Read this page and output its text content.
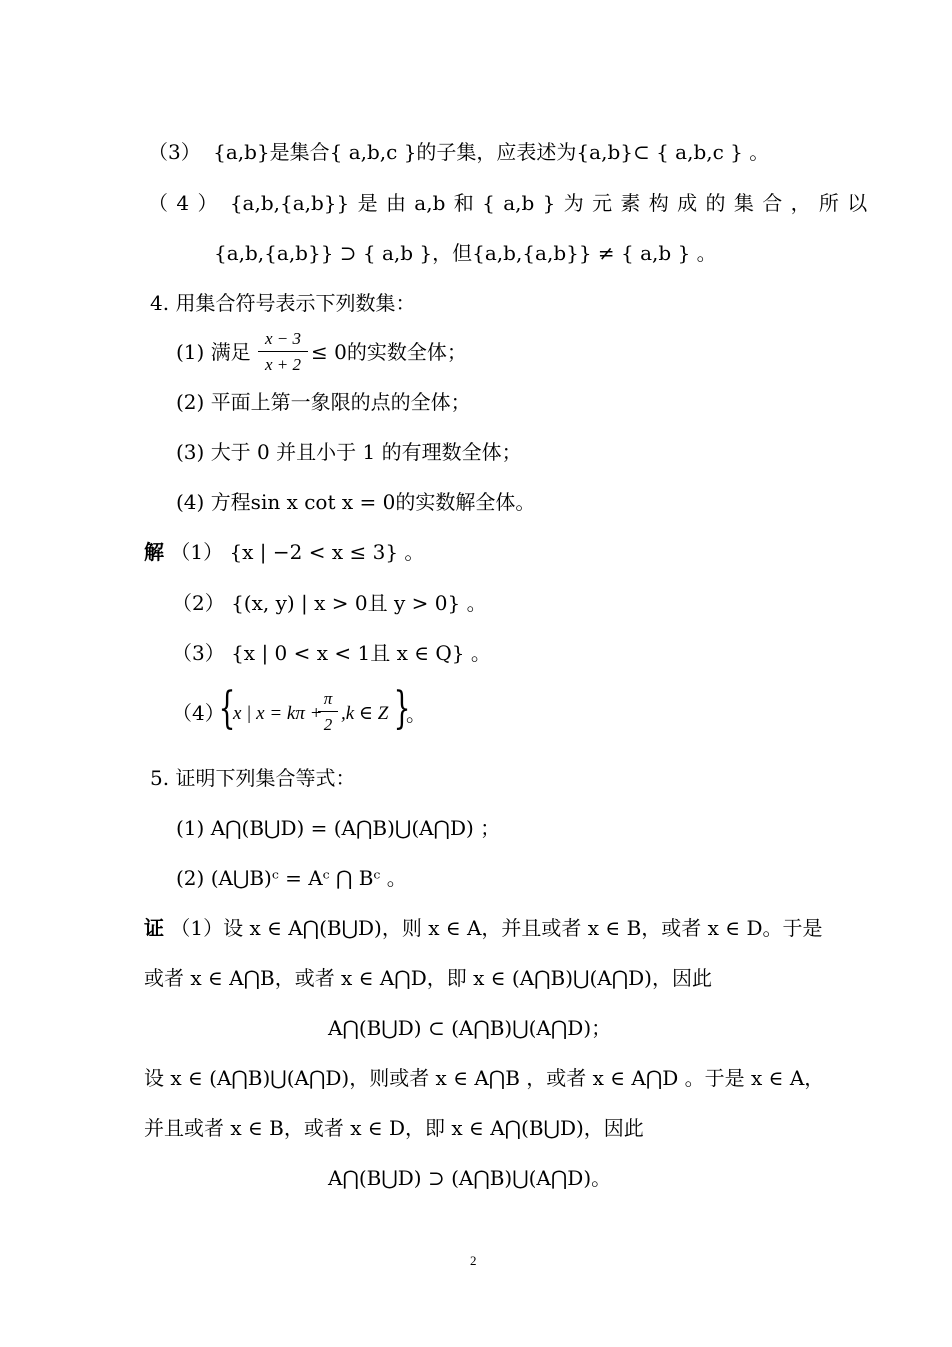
（3） {a,b}是集合{ a,b,c }的子集，应表述为{a,b}⊂ { a,b,c } 。
（ 4 ） {a,b,{a,b}} 是 由 a,b 和 { a,b } 为 元 素 构 成 的 集 合 ， 所 以
{a,b,{a,b}} ⊃ { a,b }，但{a,b,{a,b}} ≠ { a,b } 。
4. 用集合符号表示下列数集：
(1) 满足 $\frac{x - 3}{x + 2} \le 0$的实数全体；
(2) 平面上第一象限的点的全体；
(3) 大于 0 并且小于 1 的有理数全体；
(4) 方程sin x cot x = 0的实数解全体。
解 （1） {x | −2 < x ≤ 3} 。
（2） {(x, y) | x > 0且 y > 0} 。
（3） {x | 0 < x < 1且 x ∈ Q} 。
（4）
{
x | x = kπ +
$\frac{\pi}{2} ,k$ ∈ Z }
。
5. 证明下列集合等式：
(1) A⋂(B⋃D) = (A⋂B)⋃(A⋂D) ；
(2) (A⋃B)ᶜ = Aᶜ ⋂ Bᶜ 。
证 （1）设 x ∈ A⋂(B⋃D)，则 x ∈ A，并且或者 x ∈ B，或者 x ∈ D。于是
或者 x ∈ A⋂B，或者 x ∈ A⋂D，即 x ∈ (A⋂B)⋃(A⋂D)，因此
A⋂(B⋃D) ⊂ (A⋂B)⋃(A⋂D)；
设 x ∈ (A⋂B)⋃(A⋂D)，则或者 x ∈ A⋂B ，或者 x ∈ A⋂D 。于是 x ∈ A，
并且或者 x ∈ B，或者 x ∈ D，即 x ∈ A⋂(B⋃D)，因此
A⋂(B⋃D) ⊃ (A⋂B)⋃(A⋂D)。
2
